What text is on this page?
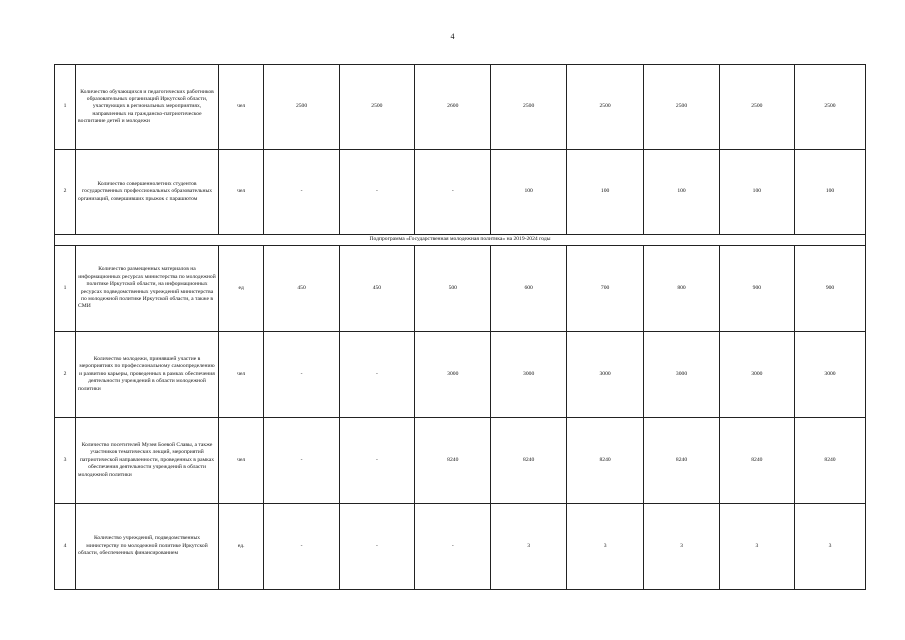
4
1	Количество обучающихся и педагогических работников образовательных организаций Иркутской области, участвующих в региональных мероприятиях, направленных на гражданско-патриотическое воспитание детей и молодежи	чел	2500	2500	2600	2500	2500	2500	2500	2500
2	Количество совершеннолетних студентов государственных профессиональных образовательных организаций, совершивших прыжок с парашютом	чел	-	-	-	100	100	100	100	100
Подпрограмма «Государственная молодежная политика» на 2019-2024 годы										
1	Количество размещенных материалов на информационных ресурсах министерства по молодежной политике Иркутской области, на информационных ресурсах подведомственных учреждений министерства по молодежной политике Иркутской области, а также в СМИ	ед	450	450	500	600	700	800	900	900
2	Количество молодежи, принявшей участие в мероприятиях по профессиональному самоопределению и развитию карьеры, проведенных в рамках обеспечения деятельности учреждений в области молодежной политики	чел	-	-	3000	3000	3000	3000	3000	3000
3	Количество посетителей Музея Боевой Славы, а также участников тематических лекций, мероприятий патриотической направленности, проведенных в рамках обеспечения деятельности учреждений в области молодежной политики	чел	-	-	8240	8240	8240	8240	8240	8240
4	Количество учреждений, подведомственных министерству по молодежной политике Иркутской области, обеспеченных финансированием	ед.	-	-	-	3	3	3	3	3
